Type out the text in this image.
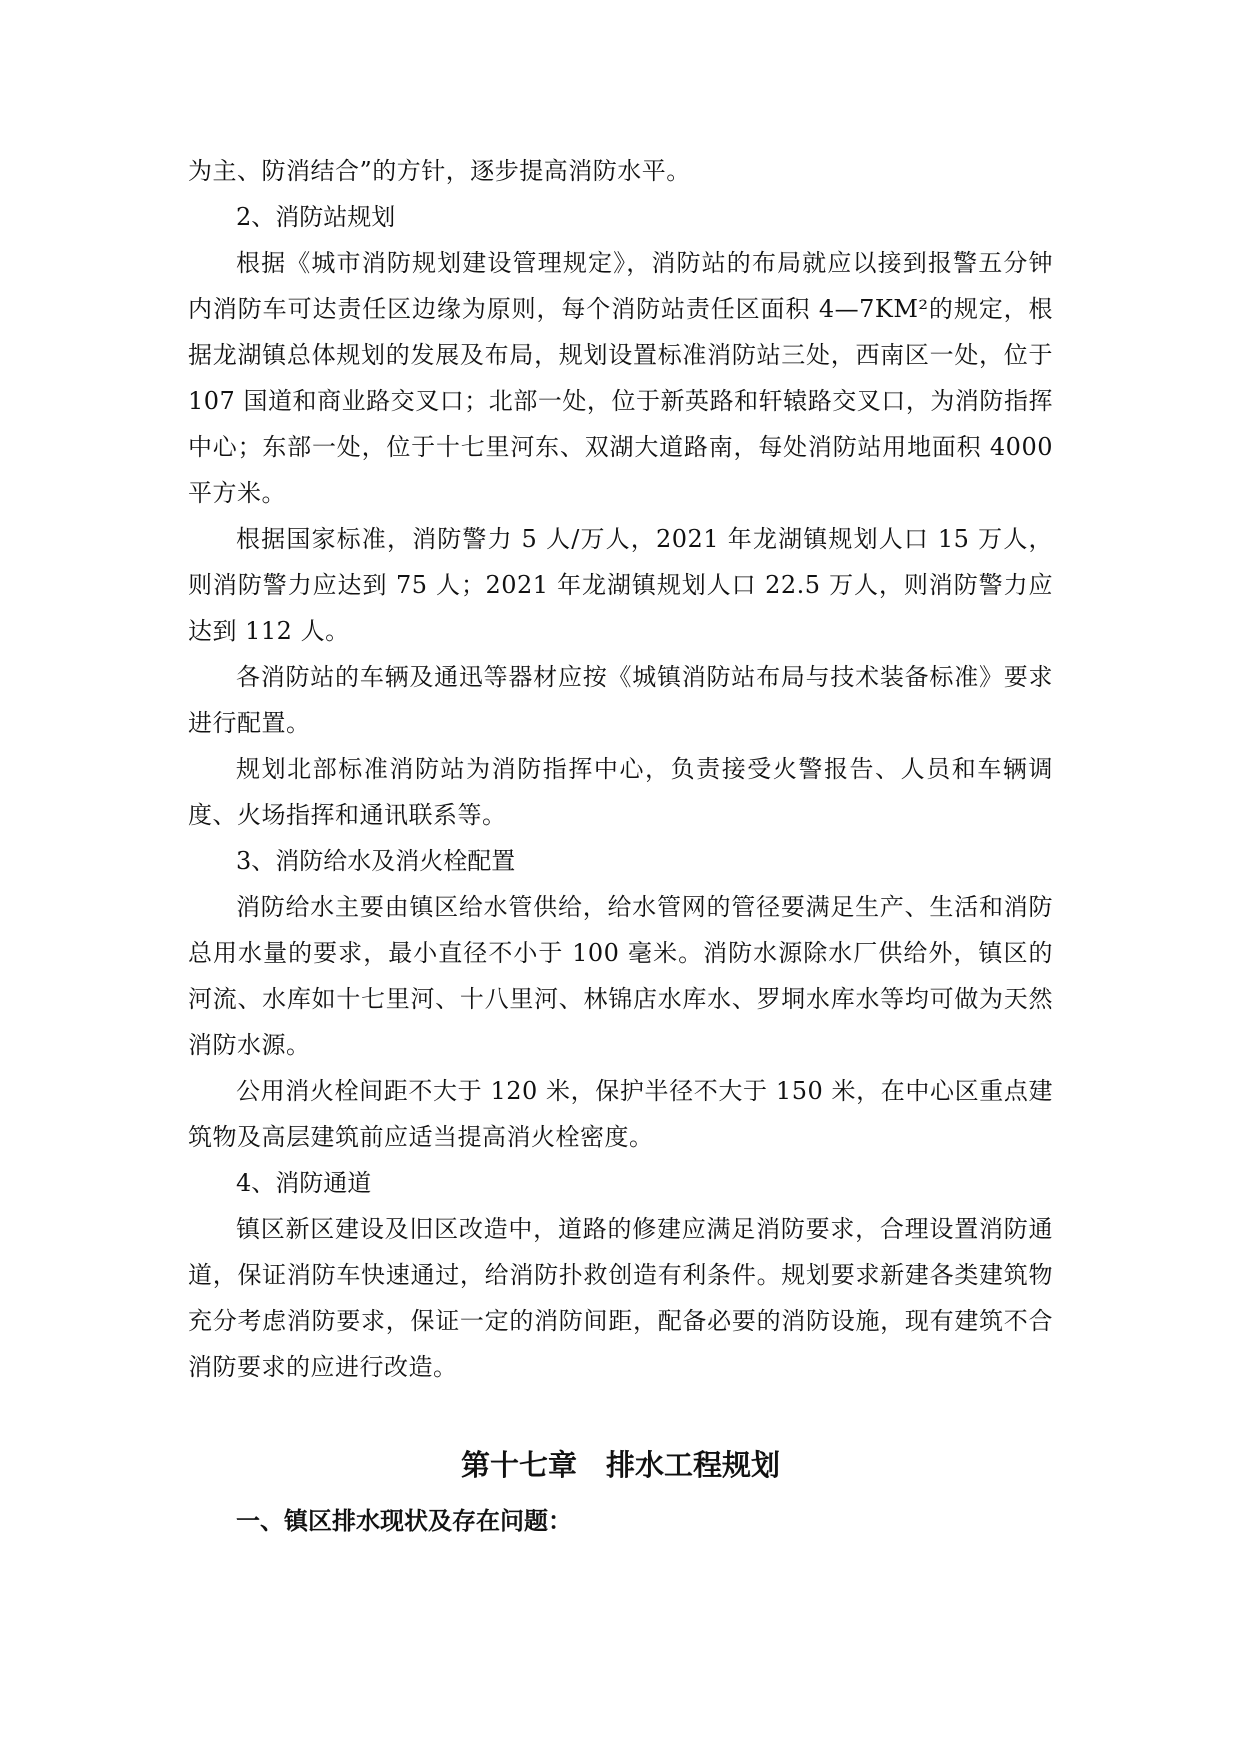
为主、防消结合”的方针，逐步提高消防水平。

2、消防站规划

根据《城市消防规划建设管理规定》，消防站的布局就应以接到报警五分钟内消防车可达责任区边缘为原则，每个消防站责任区面积 4—7KM²的规定，根据龙湖镇总体规划的发展及布局，规划设置标准消防站三处，西南区一处，位于 107 国道和商业路交叉口；北部一处，位于新英路和轩辕路交叉口，为消防指挥中心；东部一处，位于十七里河东、双湖大道路南，每处消防站用地面积 4000 平方米。

根据国家标准，消防警力 5 人/万人，2021 年龙湖镇规划人口 15 万人，则消防警力应达到 75 人；2021 年龙湖镇规划人口 22.5 万人，则消防警力应达到 112 人。

各消防站的车辆及通迅等器材应按《城镇消防站布局与技术装备标准》要求进行配置。

规划北部标准消防站为消防指挥中心，负责接受火警报告、人员和车辆调度、火场指挥和通讯联系等。

3、消防给水及消火栓配置

消防给水主要由镇区给水管供给，给水管网的管径要满足生产、生活和消防总用水量的要求，最小直径不小于 100 毫米。消防水源除水厂供给外，镇区的河流、水库如十七里河、十八里河、林锦店水库水、罗垌水库水等均可做为天然消防水源。

公用消火栓间距不大于 120 米，保护半径不大于 150 米，在中心区重点建筑物及高层建筑前应适当提高消火栓密度。

4、消防通道

镇区新区建设及旧区改造中，道路的修建应满足消防要求，合理设置消防通道，保证消防车快速通过，给消防扑救创造有利条件。规划要求新建各类建筑物充分考虑消防要求，保证一定的消防间距，配备必要的消防设施，现有建筑不合消防要求的应进行改造。

第十七章　排水工程规划
一、镇区排水现状及存在问题：
